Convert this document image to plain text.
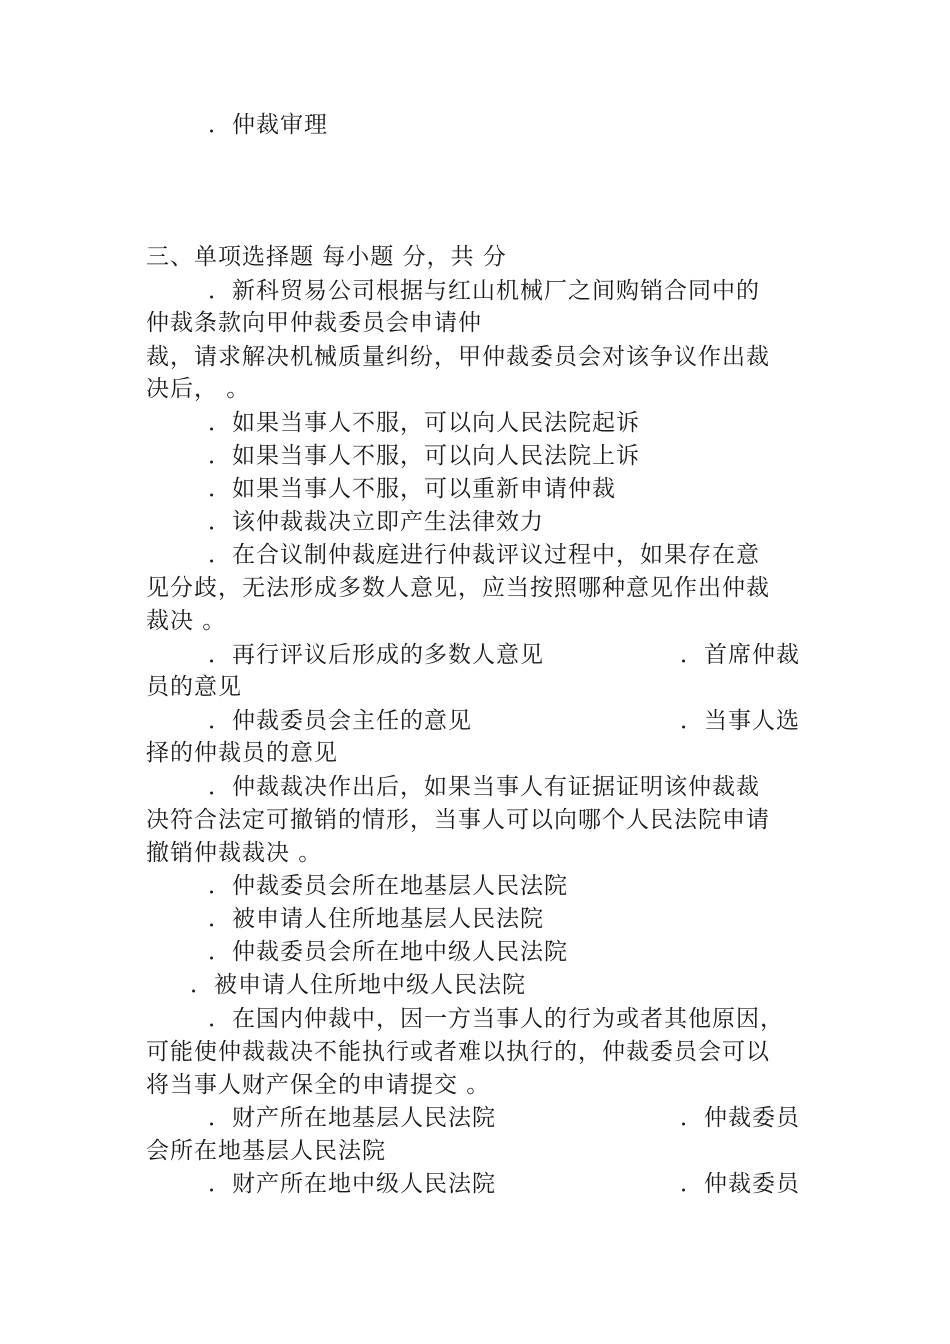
．仲裁审理
三、单项选择题 每小题 分，共 分
．新科贸易公司根据与红山机械厂之间购销合同中的
仲裁条款向甲仲裁委员会申请仲
裁，请求解决机械质量纠纷，甲仲裁委员会对该争议作出裁
决后， 。
．如果当事人不服，可以向人民法院起诉
．如果当事人不服，可以向人民法院上诉
．如果当事人不服，可以重新申请仲裁
．该仲裁裁决立即产生法律效力
．在合议制仲裁庭进行仲裁评议过程中，如果存在意
见分歧，无法形成多数人意见，应当按照哪种意见作出仲裁
裁决 。
．再行评议后形成的多数人意见	．首席仲裁
员的意见
．仲裁委员会主任的意见	．当事人选
择的仲裁员的意见
．仲裁裁决作出后，如果当事人有证据证明该仲裁裁
决符合法定可撤销的情形，当事人可以向哪个人民法院申请
撤销仲裁裁决 。
．仲裁委员会所在地基层人民法院
．被申请人住所地基层人民法院
．仲裁委员会所在地中级人民法院
．被申请人住所地中级人民法院
．在国内仲裁中，因一方当事人的行为或者其他原因，
可能使仲裁裁决不能执行或者难以执行的，仲裁委员会可以
将当事人财产保全的申请提交 。
．财产所在地基层人民法院	．仲裁委员
会所在地基层人民法院
．财产所在地中级人民法院	．仲裁委员
